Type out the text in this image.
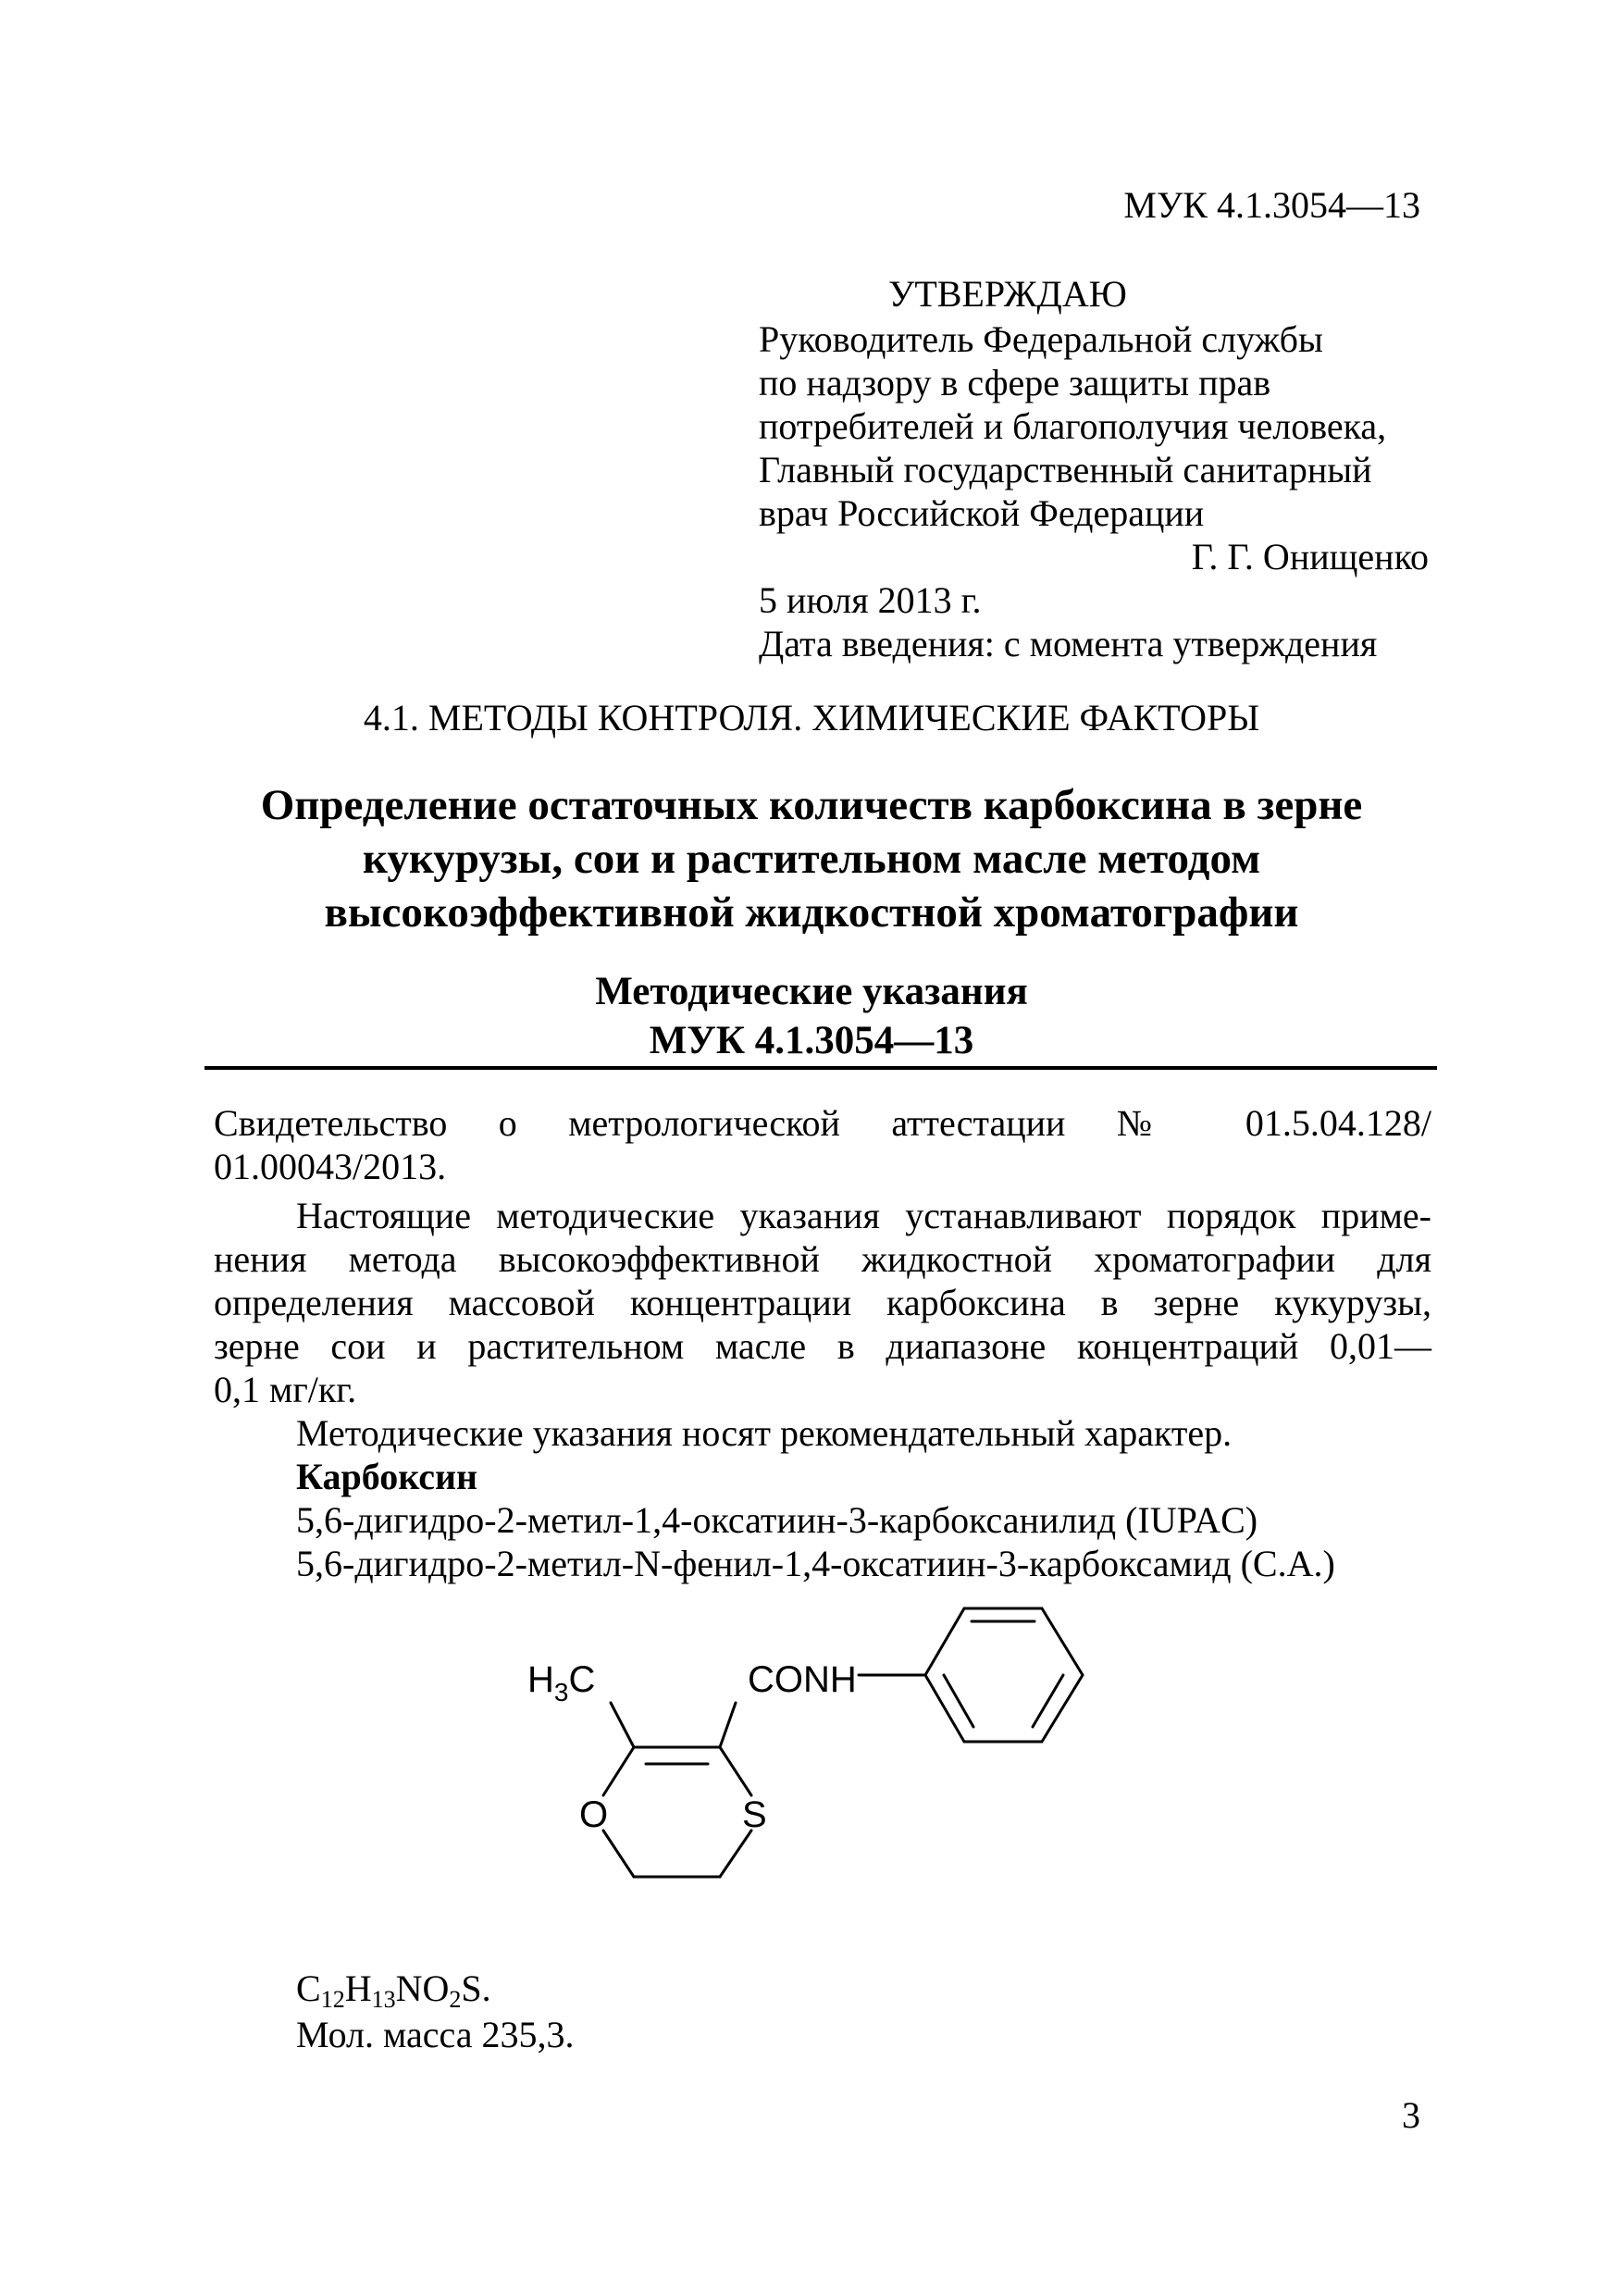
МУК 4.1.3054—13
УТВЕРЖДАЮ
Руководитель Федеральной службы
по надзору в сфере защиты прав
потребителей и благополучия человека,
Главный государственный санитарный
врач Российской Федерации
Г. Г. Онищенко
5 июля 2013 г.
Дата введения: с момента утверждения
4.1. МЕТОДЫ КОНТРОЛЯ. ХИМИЧЕСКИЕ ФАКТОРЫ
Определение остаточных количеств карбоксина в зерне
кукурузы, сои и растительном масле методом
высокоэффективной жидкостной хроматографии
Методические указания
МУК 4.1.3054—13
Свидетельство о метрологической аттестации № 01.5.04.128/
01.00043/2013.
Настоящие методические указания устанавливают порядок приме-
нения метода высокоэффективной жидкостной хроматографии для
определения массовой концентрации карбоксина в зерне кукурузы,
зерне сои и растительном масле в диапазоне концентраций 0,01—
0,1 мг/кг.
Методические указания носят рекомендательный характер.
Карбоксин
5,6-дигидро-2-метил-1,4-оксатиин-3-карбоксанилид (IUPAC)
5,6-дигидро-2-метил-N-фенил-1,4-оксатиин-3-карбоксамид (С.А.)
$H_3C$	CONH
O	S
$C_{12}H_{13}NO_2S$.
Мол. масса 235,3.
3
